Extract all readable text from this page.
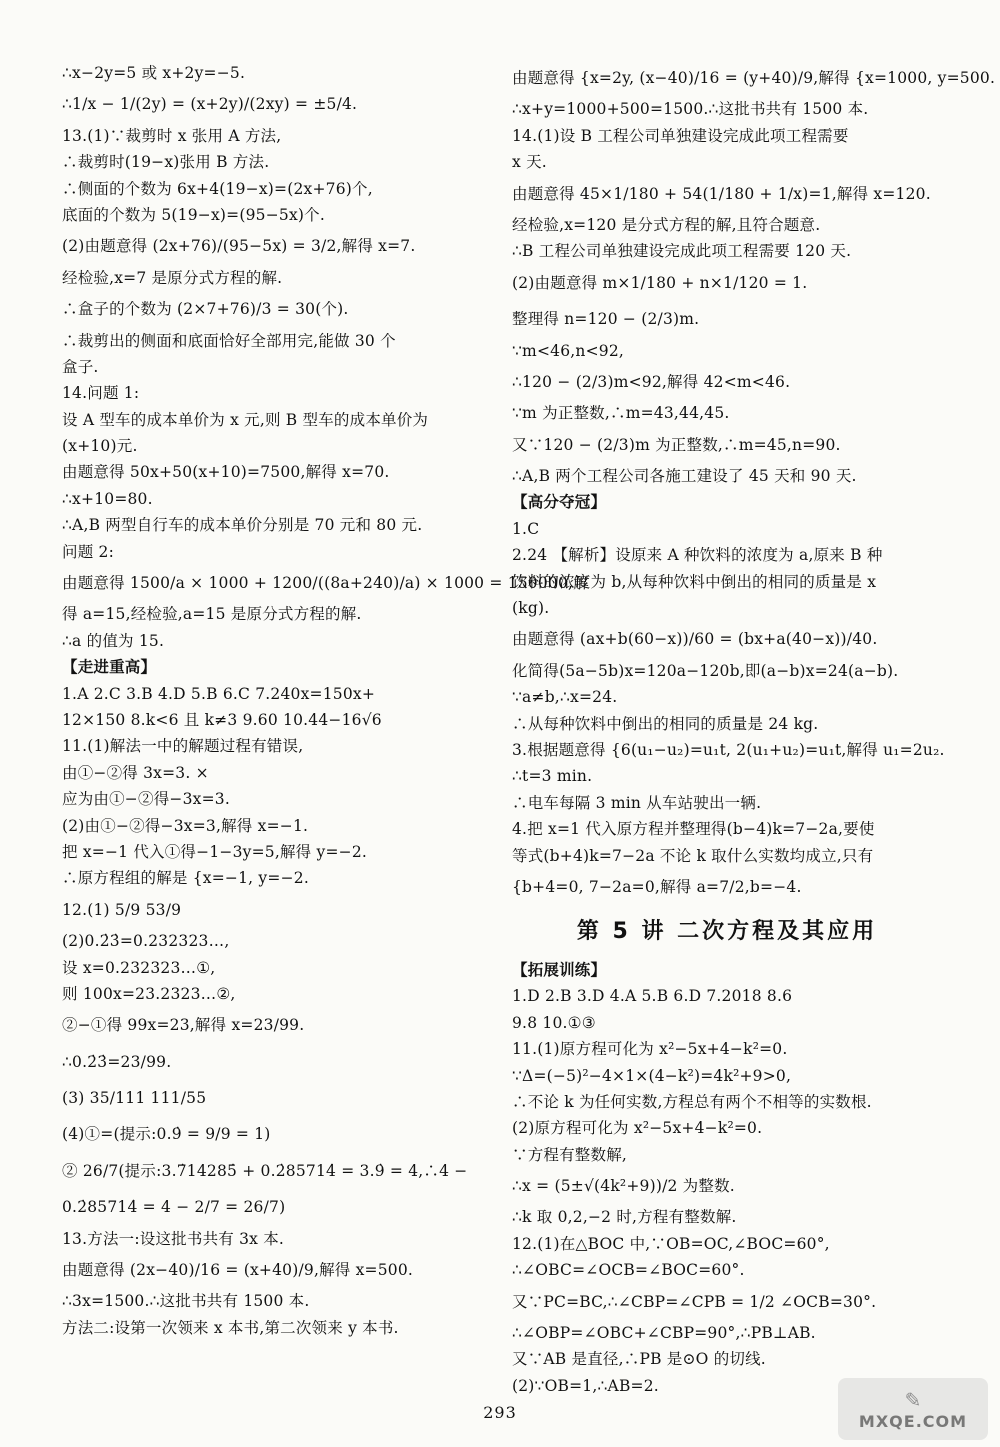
∴x−2y=5 或 x+2y=−5.
∴1/x − 1/(2y) = (x+2y)/(2xy) = ±5/4.
13.(1)∵裁剪时 x 张用 A 方法,
∴裁剪时(19−x)张用 B 方法.
∴侧面的个数为 6x+4(19−x)=(2x+76)个,
底面的个数为 5(19−x)=(95−5x)个.
(2)由题意得 (2x+76)/(95−5x) = 3/2,解得 x=7.
经检验,x=7 是原分式方程的解.
∴盒子的个数为 (2×7+76)/3 = 30(个).
∴裁剪出的侧面和底面恰好全部用完,能做 30 个
盒子.
14.问题 1:
设 A 型车的成本单价为 x 元,则 B 型车的成本单价为
(x+10)元.
由题意得 50x+50(x+10)=7500,解得 x=70.
∴x+10=80.
∴A,B 两型自行车的成本单价分别是 70 元和 80 元.
问题 2:
由题意得 1500/a × 1000 + 1200/((8a+240)/a) × 1000 = 150000,解
得 a=15,经检验,a=15 是原分式方程的解.
∴a 的值为 15.
【走进重高】
1.A 2.C 3.B 4.D 5.B 6.C 7.240x=150x+
12×150 8.k<6 且 k≠3 9.60 10.44−16√6
11.(1)解法一中的解题过程有错误,
由①−②得 3x=3. ×
应为由①−②得−3x=3.
(2)由①−②得−3x=3,解得 x=−1.
把 x=−1 代入①得−1−3y=5,解得 y=−2.
∴原方程组的解是 {x=−1, y=−2.
12.(1) 5/9 53/9
(2)0.2̇3̇=0.232323…,
设 x=0.232323…①,
则 100x=23.2323…②,
②−①得 99x=23,解得 x=23/99.
∴0.2̇3̇=23/99.
(3) 35/111 111/55
(4)①=(提示:0.9̇ = 9/9 = 1)
② 26/7(提示:3.7̇14285̇ + 0.2̇85714̇ = 3.9̇ = 4,∴4 −
0.2̇85714̇ = 4 − 2/7 = 26/7)
13.方法一:设这批书共有 3x 本.
由题意得 (2x−40)/16 = (x+40)/9,解得 x=500.
∴3x=1500.∴这批书共有 1500 本.
方法二:设第一次领来 x 本书,第二次领来 y 本书.
由题意得 {x=2y, (x−40)/16 = (y+40)/9,解得 {x=1000, y=500.
∴x+y=1000+500=1500.∴这批书共有 1500 本.
14.(1)设 B 工程公司单独建设完成此项工程需要
x 天.
由题意得 45×1/180 + 54(1/180 + 1/x)=1,解得 x=120.
经检验,x=120 是分式方程的解,且符合题意.
∴B 工程公司单独建设完成此项工程需要 120 天.
(2)由题意得 m×1/180 + n×1/120 = 1.
整理得 n=120 − (2/3)m.
∵m<46,n<92,
∴120 − (2/3)m<92,解得 42<m<46.
∵m 为正整数,∴m=43,44,45.
又∵120 − (2/3)m 为正整数,∴m=45,n=90.
∴A,B 两个工程公司各施工建设了 45 天和 90 天.
【高分夺冠】
1.C
2.24 【解析】设原来 A 种饮料的浓度为 a,原来 B 种
饮料的浓度为 b,从每种饮料中倒出的相同的质量是 x
(kg).
由题意得 (ax+b(60−x))/60 = (bx+a(40−x))/40.
化简得(5a−5b)x=120a−120b,即(a−b)x=24(a−b).
∵a≠b,∴x=24.
∴从每种饮料中倒出的相同的质量是 24 kg.
3.根据题意得 {6(u₁−u₂)=u₁t, 2(u₁+u₂)=u₁t,解得 u₁=2u₂.
∴t=3 min.
∴电车每隔 3 min 从车站驶出一辆.
4.把 x=1 代入原方程并整理得(b−4)k=7−2a,要使
等式(b+4)k=7−2a 不论 k 取什么实数均成立,只有
{b+4=0, 7−2a=0,解得 a=7/2,b=−4.
第 5 讲 二次方程及其应用
【拓展训练】
1.D 2.B 3.D 4.A 5.B 6.D 7.2018 8.6
9.8 10.①③
11.(1)原方程可化为 x²−5x+4−k²=0.
∵Δ=(−5)²−4×1×(4−k²)=4k²+9>0,
∴不论 k 为任何实数,方程总有两个不相等的实数根.
(2)原方程可化为 x²−5x+4−k²=0.
∵方程有整数解,
∴x = (5±√(4k²+9))/2 为整数.
∴k 取 0,2,−2 时,方程有整数解.
12.(1)在△BOC 中,∵OB=OC,∠BOC=60°,
∴∠OBC=∠OCB=∠BOC=60°.
又∵PC=BC,∴∠CBP=∠CPB = 1/2 ∠OCB=30°.
∴∠OBP=∠OBC+∠CBP=90°,∴PB⊥AB.
又∵AB 是直径,∴PB 是⊙O 的切线.
(2)∵OB=1,∴AB=2.
293
✎
MXQE.COM
